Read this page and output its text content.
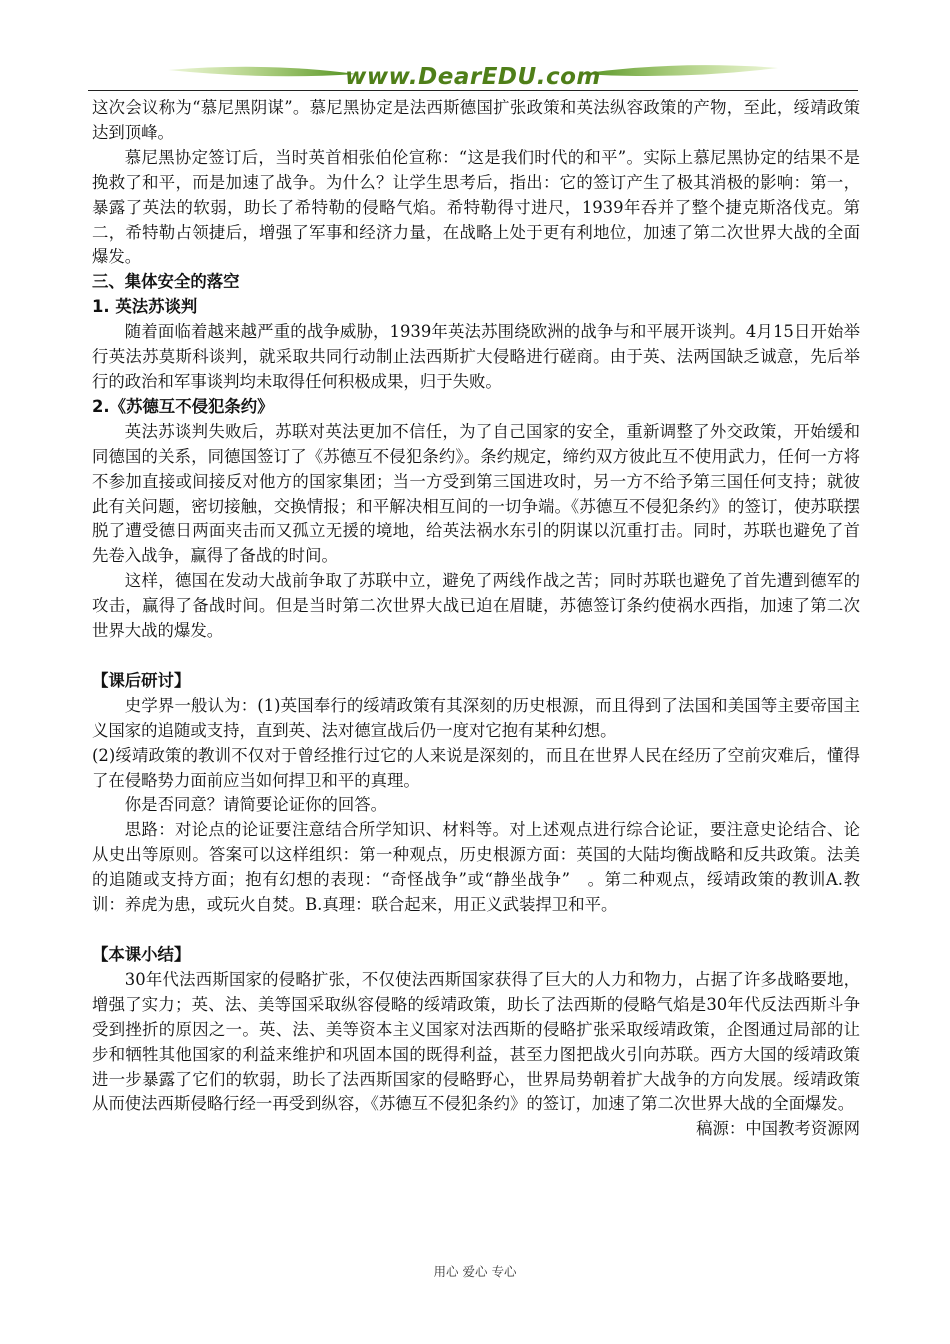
www.DearEDU.com

这次会议称为“慕尼黑阴谋”。慕尼黑协定是法西斯德国扩张政策和英法纵容政策的产物，至此，绥靖政策达到顶峰。

慕尼黑协定签订后，当时英首相张伯伦宣称：“这是我们时代的和平”。实际上慕尼黑协定的结果不是挽救了和平，而是加速了战争。为什么？让学生思考后，指出：它的签订产生了极其消极的影响：第一，暴露了英法的软弱，助长了希特勒的侵略气焰。希特勒得寸进尺，1939年吞并了整个捷克斯洛伐克。第二，希特勒占领捷后，增强了军事和经济力量，在战略上处于更有利地位，加速了第二次世界大战的全面爆发。

三、集体安全的落空

1. 英法苏谈判

随着面临着越来越严重的战争威胁，1939年英法苏围绕欧洲的战争与和平展开谈判。4月15日开始举行英法苏莫斯科谈判，就采取共同行动制止法西斯扩大侵略进行磋商。由于英、法两国缺乏诚意，先后举行的政治和军事谈判均未取得任何积极成果，归于失败。

2.《苏德互不侵犯条约》

英法苏谈判失败后，苏联对英法更加不信任，为了自己国家的安全，重新调整了外交政策，开始缓和同德国的关系，同德国签订了《苏德互不侵犯条约》。条约规定，缔约双方彼此互不使用武力，任何一方将不参加直接或间接反对他方的国家集团；当一方受到第三国进攻时，另一方不给予第三国任何支持；就彼此有关问题，密切接触，交换情报；和平解决相互间的一切争端。《苏德互不侵犯条约》的签订，使苏联摆脱了遭受德日两面夹击而又孤立无援的境地，给英法祸水东引的阴谋以沉重打击。同时，苏联也避免了首先卷入战争，赢得了备战的时间。

这样，德国在发动大战前争取了苏联中立，避免了两线作战之苦；同时苏联也避免了首先遭到德军的攻击，赢得了备战时间。但是当时第二次世界大战已迫在眉睫，苏德签订条约使祸水西指，加速了第二次世界大战的爆发。

【课后研讨】

史学界一般认为：(1)英国奉行的绥靖政策有其深刻的历史根源，而且得到了法国和美国等主要帝国主义国家的追随或支持，直到英、法对德宣战后仍一度对它抱有某种幻想。

(2)绥靖政策的教训不仅对于曾经推行过它的人来说是深刻的，而且在世界人民在经历了空前灾难后，懂得了在侵略势力面前应当如何捍卫和平的真理。

你是否同意？请简要论证你的回答。

思路：对论点的论证要注意结合所学知识、材料等。对上述观点进行综合论证，要注意史论结合、论从史出等原则。答案可以这样组织：第一种观点，历史根源方面：英国的大陆均衡战略和反共政策。法美的追随或支持方面；抱有幻想的表现：“奇怪战争”或“静坐战争”　。第二种观点，绥靖政策的教训A.教训：养虎为患，或玩火自焚。B.真理：联合起来，用正义武装捍卫和平。

【本课小结】

30年代法西斯国家的侵略扩张，不仅使法西斯国家获得了巨大的人力和物力，占据了许多战略要地，增强了实力；英、法、美等国采取纵容侵略的绥靖政策，助长了法西斯的侵略气焰是30年代反法西斯斗争受到挫折的原因之一。英、法、美等资本主义国家对法西斯的侵略扩张采取绥靖政策，企图通过局部的让步和牺牲其他国家的利益来维护和巩固本国的既得利益，甚至力图把战火引向苏联。西方大国的绥靖政策进一步暴露了它们的软弱，助长了法西斯国家的侵略野心，世界局势朝着扩大战争的方向发展。绥靖政策从而使法西斯侵略行经一再受到纵容，《苏德互不侵犯条约》的签订，加速了第二次世界大战的全面爆发。

稿源：中国教考资源网

用心 爱心 专心
